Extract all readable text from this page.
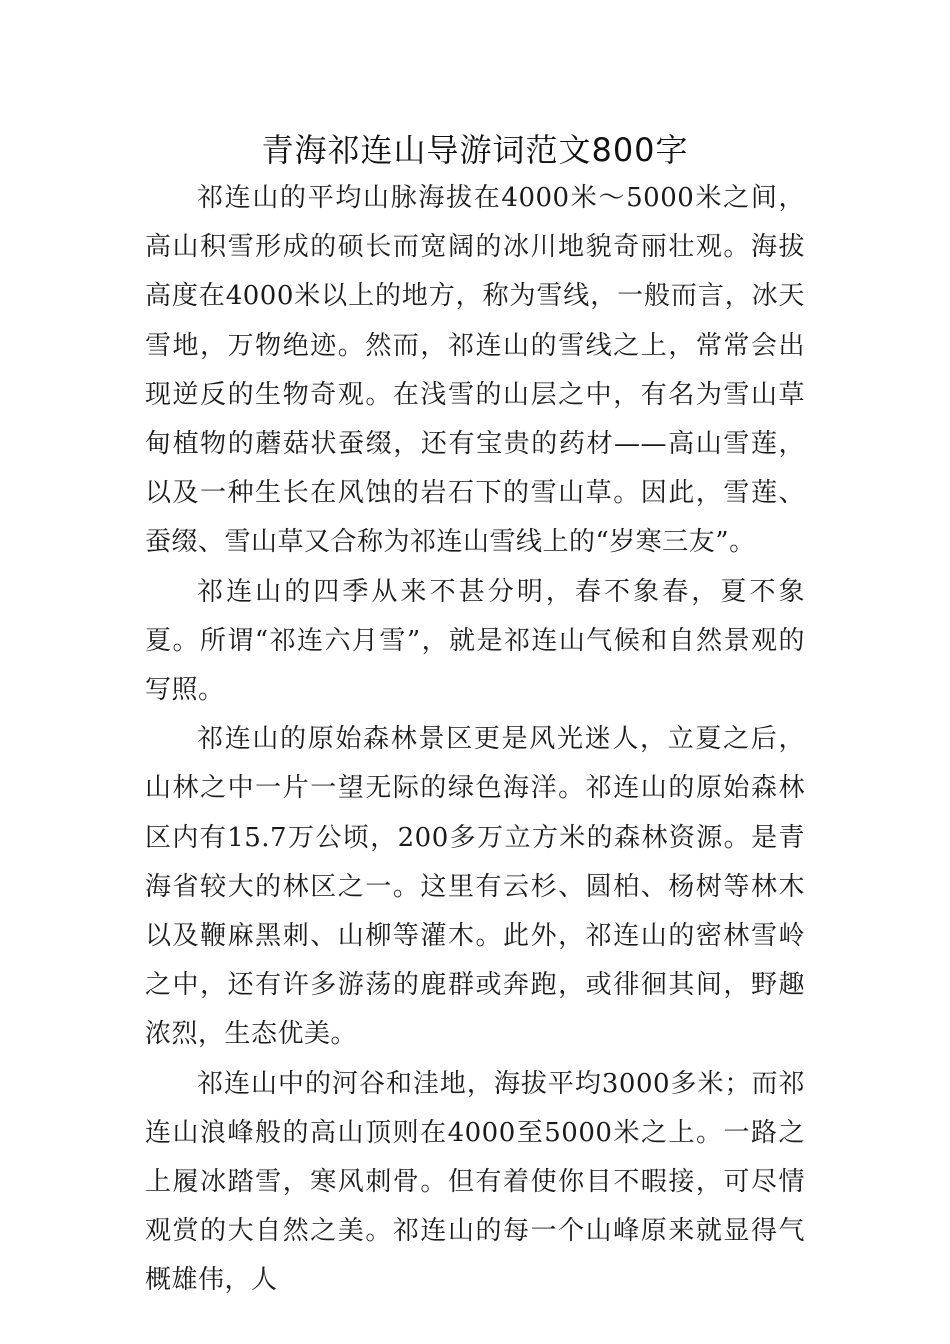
青海祁连山导游词范文800字

祁连山的平均山脉海拔在4000米～5000米之间，高山积雪形成的硕长而宽阔的冰川地貌奇丽壮观。海拔高度在4000米以上的地方，称为雪线，一般而言，冰天雪地，万物绝迹。然而，祁连山的雪线之上，常常会出现逆反的生物奇观。在浅雪的山层之中，有名为雪山草甸植物的蘑菇状蚕缀，还有宝贵的药材——高山雪莲，以及一种生长在风蚀的岩石下的雪山草。因此，雪莲、蚕缀、雪山草又合称为祁连山雪线上的“岁寒三友”。

祁连山的四季从来不甚分明，春不象春，夏不象夏。所谓“祁连六月雪”，就是祁连山气候和自然景观的写照。

祁连山的原始森林景区更是风光迷人，立夏之后，山林之中一片一望无际的绿色海洋。祁连山的原始森林区内有15.7万公顷，200多万立方米的森林资源。是青海省较大的林区之一。这里有云杉、圆柏、杨树等林木以及鞭麻黑刺、山柳等灌木。此外，祁连山的密林雪岭之中，还有许多游荡的鹿群或奔跑，或徘徊其间，野趣浓烈，生态优美。

祁连山中的河谷和洼地，海拔平均3000多米；而祁连山浪峰般的高山顶则在4000至5000米之上。一路之上履冰踏雪，寒风刺骨。但有着使你目不暇接，可尽情观赏的大自然之美。祁连山的每一个山峰原来就显得气概雄伟，人
